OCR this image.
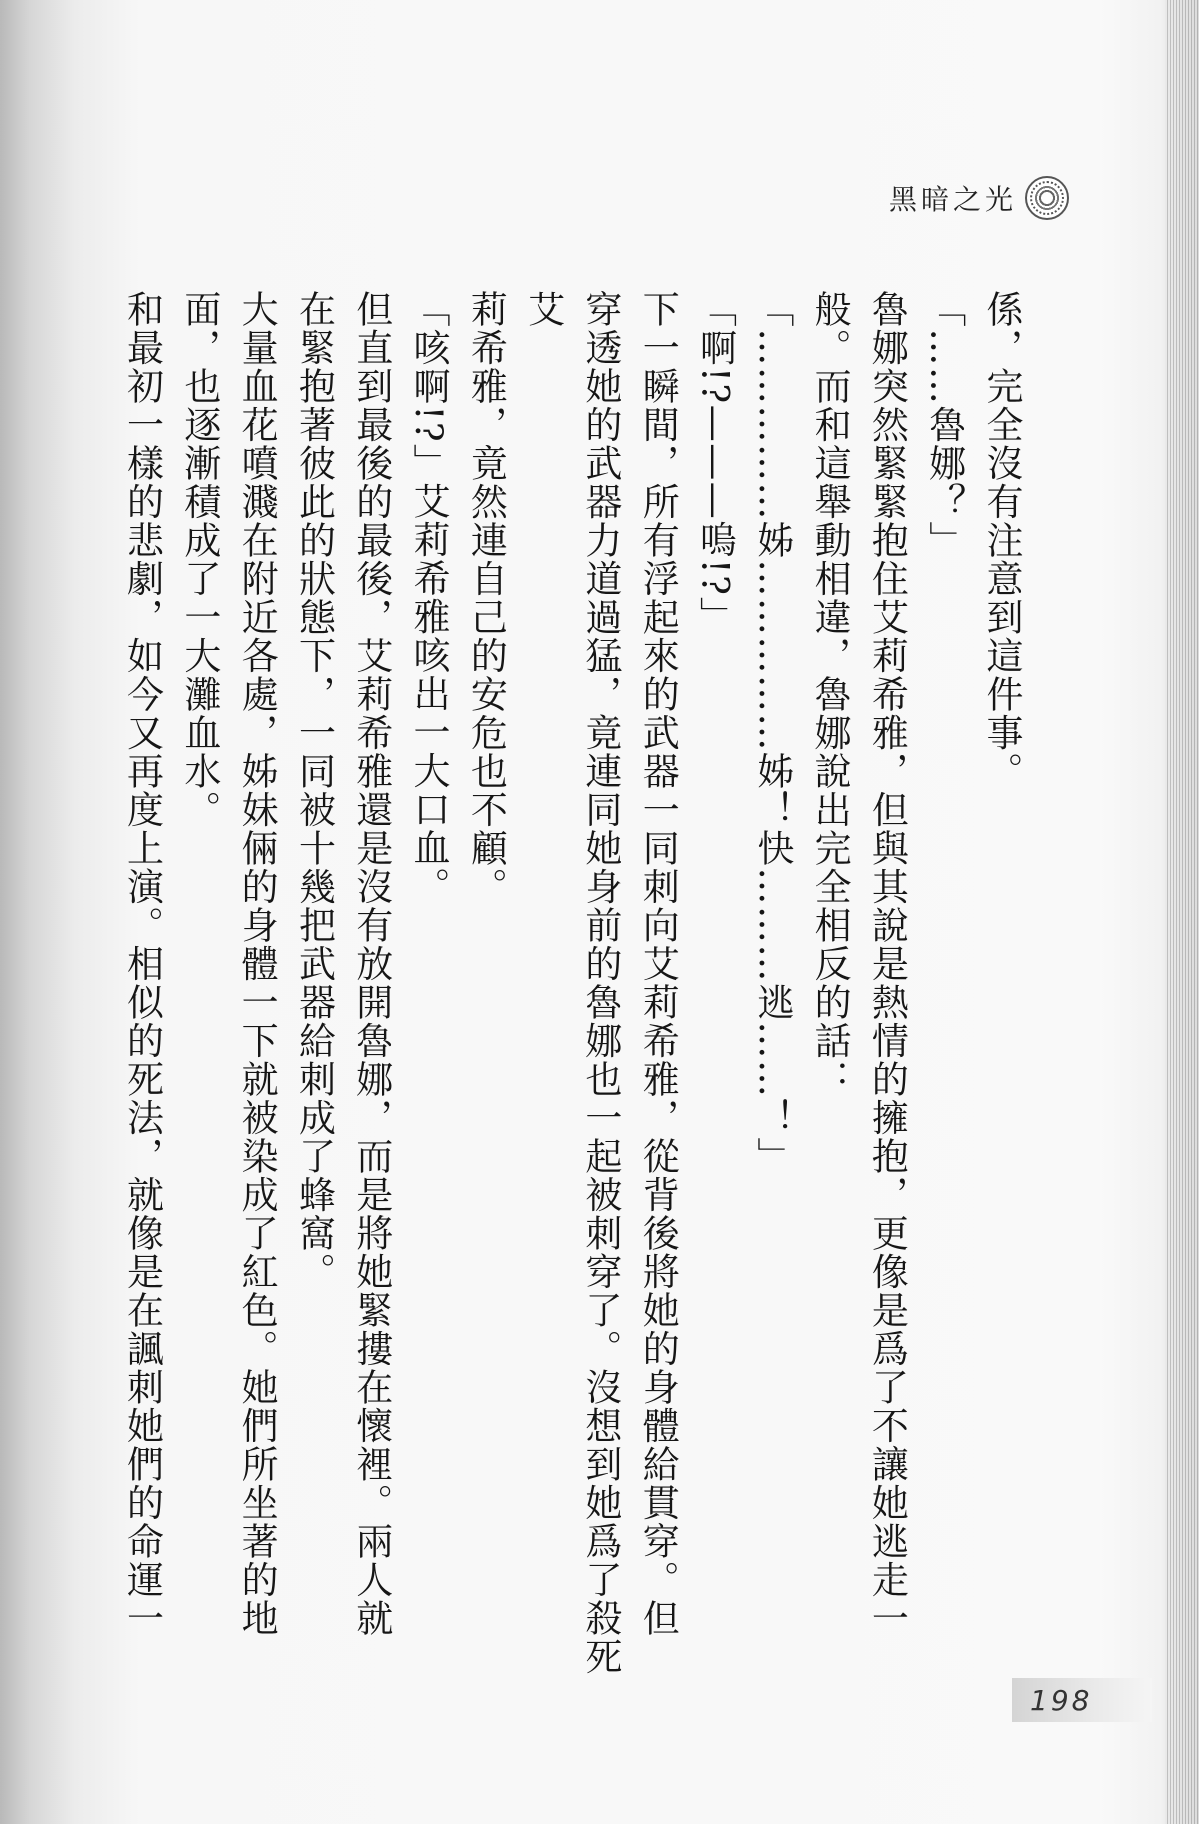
黑暗之光

係，完全沒有注意到這件事。

「……魯娜？」

魯娜突然緊緊抱住艾莉希雅，但與其說是熱情的擁抱，更像是爲了不讓她逃走一

般。而和這舉動相違，魯娜說出完全相反的話：

「……………姊……………姊！快………逃……！」

「啊!?———嗚!?」

下一瞬間，所有浮起來的武器一同刺向艾莉希雅，從背後將她的身體給貫穿。但

穿透她的武器力道過猛，竟連同她身前的魯娜也一起被刺穿了。沒想到她爲了殺死艾

莉希雅，竟然連自己的安危也不顧。

「咳啊!?」艾莉希雅咳出一大口血。

但直到最後的最後，艾莉希雅還是沒有放開魯娜，而是將她緊摟在懷裡。兩人就

在緊抱著彼此的狀態下，一同被十幾把武器給刺成了蜂窩。

大量血花噴濺在附近各處，姊妹倆的身體一下就被染成了紅色。她們所坐著的地

面，也逐漸積成了一大灘血水。

和最初一樣的悲劇，如今又再度上演。相似的死法，就像是在諷刺她們的命運一

198
